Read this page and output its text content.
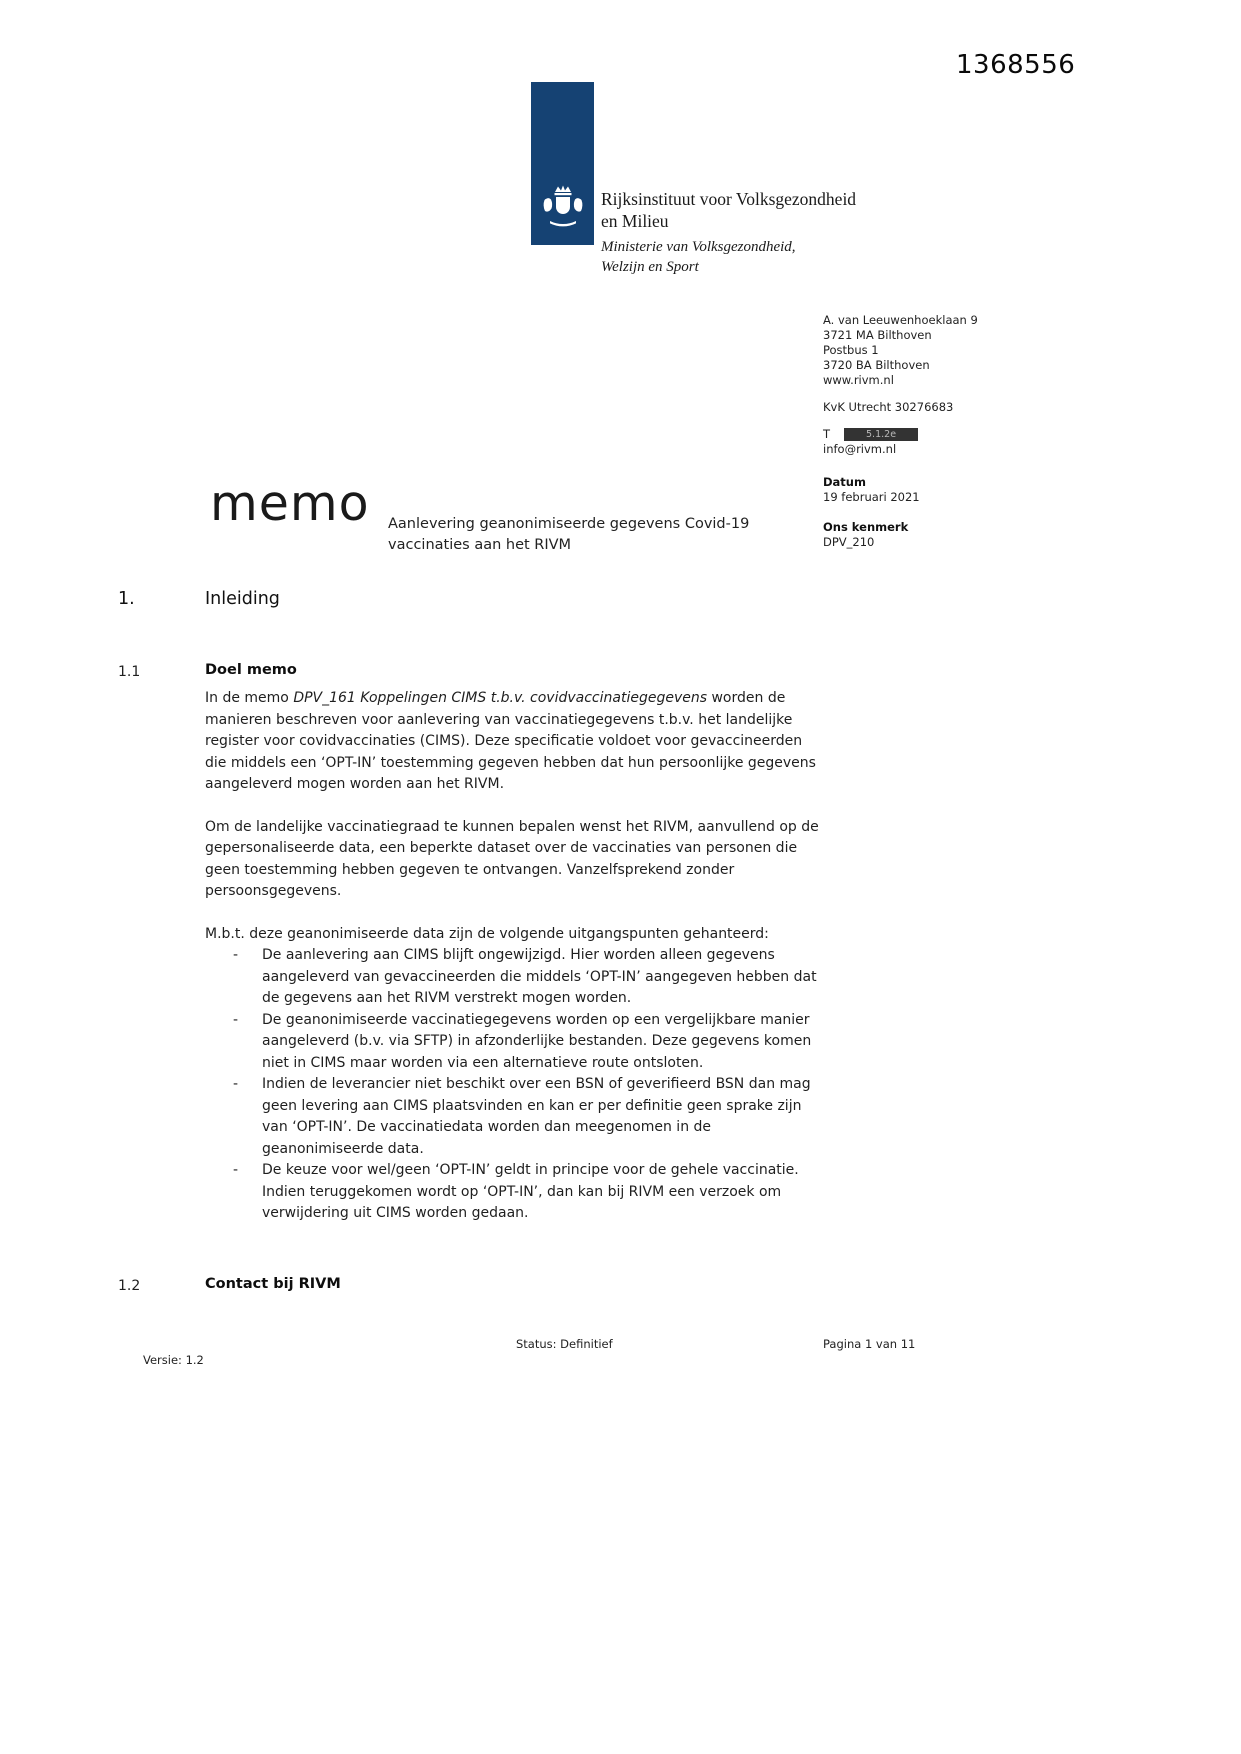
1368556
Rijksinstituut voor Volksgezondheid
en Milieu
Ministerie van Volksgezondheid,
Welzijn en Sport
A. van Leeuwenhoeklaan 9
3721 MA Bilthoven
Postbus 1
3720 BA Bilthoven
www.rivm.nl
KvK Utrecht 30276683
T	5.1.2e
info@rivm.nl
Datum
19 februari 2021
Ons kenmerk
DPV_210
memo Aanlevering geanonimiseerde gegevens Covid-19 vaccinaties aan het RIVM
1.	Inleiding
1.1	Doel memo

In de memo DPV_161 Koppelingen CIMS t.b.v. covidvaccinatiegegevens worden de manieren beschreven voor aanlevering van vaccinatiegegevens t.b.v. het landelijke register voor covidvaccinaties (CIMS). Deze specificatie voldoet voor gevaccineerden die middels een ‘OPT-IN’ toestemming gegeven hebben dat hun persoonlijke gegevens aangeleverd mogen worden aan het RIVM.

Om de landelijke vaccinatiegraad te kunnen bepalen wenst het RIVM, aanvullend op de gepersonaliseerde data, een beperkte dataset over de vaccinaties van personen die geen toestemming hebben gegeven te ontvangen. Vanzelfsprekend zonder persoonsgegevens.

M.b.t. deze geanonimiseerde data zijn de volgende uitgangspunten gehanteerd:

-	De aanlevering aan CIMS blijft ongewijzigd. Hier worden alleen gegevens aangeleverd van gevaccineerden die middels ‘OPT-IN’ aangegeven hebben dat de gegevens aan het RIVM verstrekt mogen worden.
-	De geanonimiseerde vaccinatiegegevens worden op een vergelijkbare manier aangeleverd (b.v. via SFTP) in afzonderlijke bestanden. Deze gegevens komen niet in CIMS maar worden via een alternatieve route ontsloten.
-	Indien de leverancier niet beschikt over een BSN of geverifieerd BSN dan mag geen levering aan CIMS plaatsvinden en kan er per definitie geen sprake zijn van ‘OPT-IN’. De vaccinatiedata worden dan meegenomen in de geanonimiseerde data.
-	De keuze voor wel/geen ‘OPT-IN’ geldt in principe voor de gehele vaccinatie. Indien teruggekomen wordt op ‘OPT-IN’, dan kan bij RIVM een verzoek om verwijdering uit CIMS worden gedaan.
1.2	Contact bij RIVM
Status: Definitief	Pagina 1 van 11
Versie: 1.2
